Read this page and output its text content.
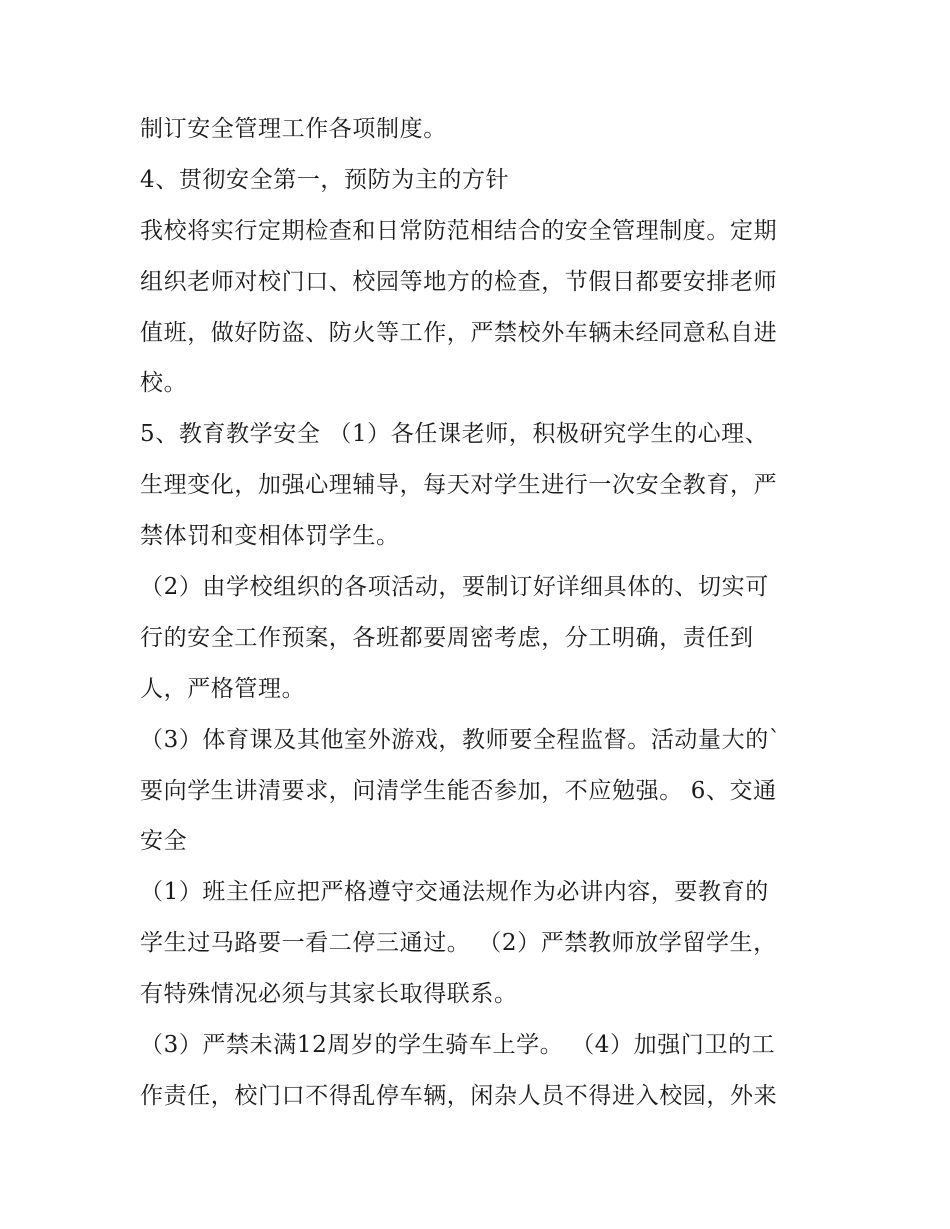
制订安全管理工作各项制度。
4、贯彻安全第一，预防为主的方针
我校将实行定期检查和日常防范相结合的安全管理制度。定期
组织老师对校门口、校园等地方的检查，节假日都要安排老师
值班，做好防盗、防火等工作，严禁校外车辆未经同意私自进
校。
5、教育教学安全 （1）各任课老师，积极研究学生的心理、
生理变化，加强心理辅导，每天对学生进行一次安全教育，严
禁体罚和变相体罚学生。
（2）由学校组织的各项活动，要制订好详细具体的、切实可
行的安全工作预案，各班都要周密考虑，分工明确，责任到
人，严格管理。
（3）体育课及其他室外游戏，教师要全程监督。活动量大的`
要向学生讲清要求，问清学生能否参加，不应勉强。 6、交通
安全
（1）班主任应把严格遵守交通法规作为必讲内容，要教育的
学生过马路要一看二停三通过。 （2）严禁教师放学留学生，
有特殊情况必须与其家长取得联系。
（3）严禁未满12周岁的学生骑车上学。 （4）加强门卫的工
作责任，校门口不得乱停车辆，闲杂人员不得进入校园，外来
